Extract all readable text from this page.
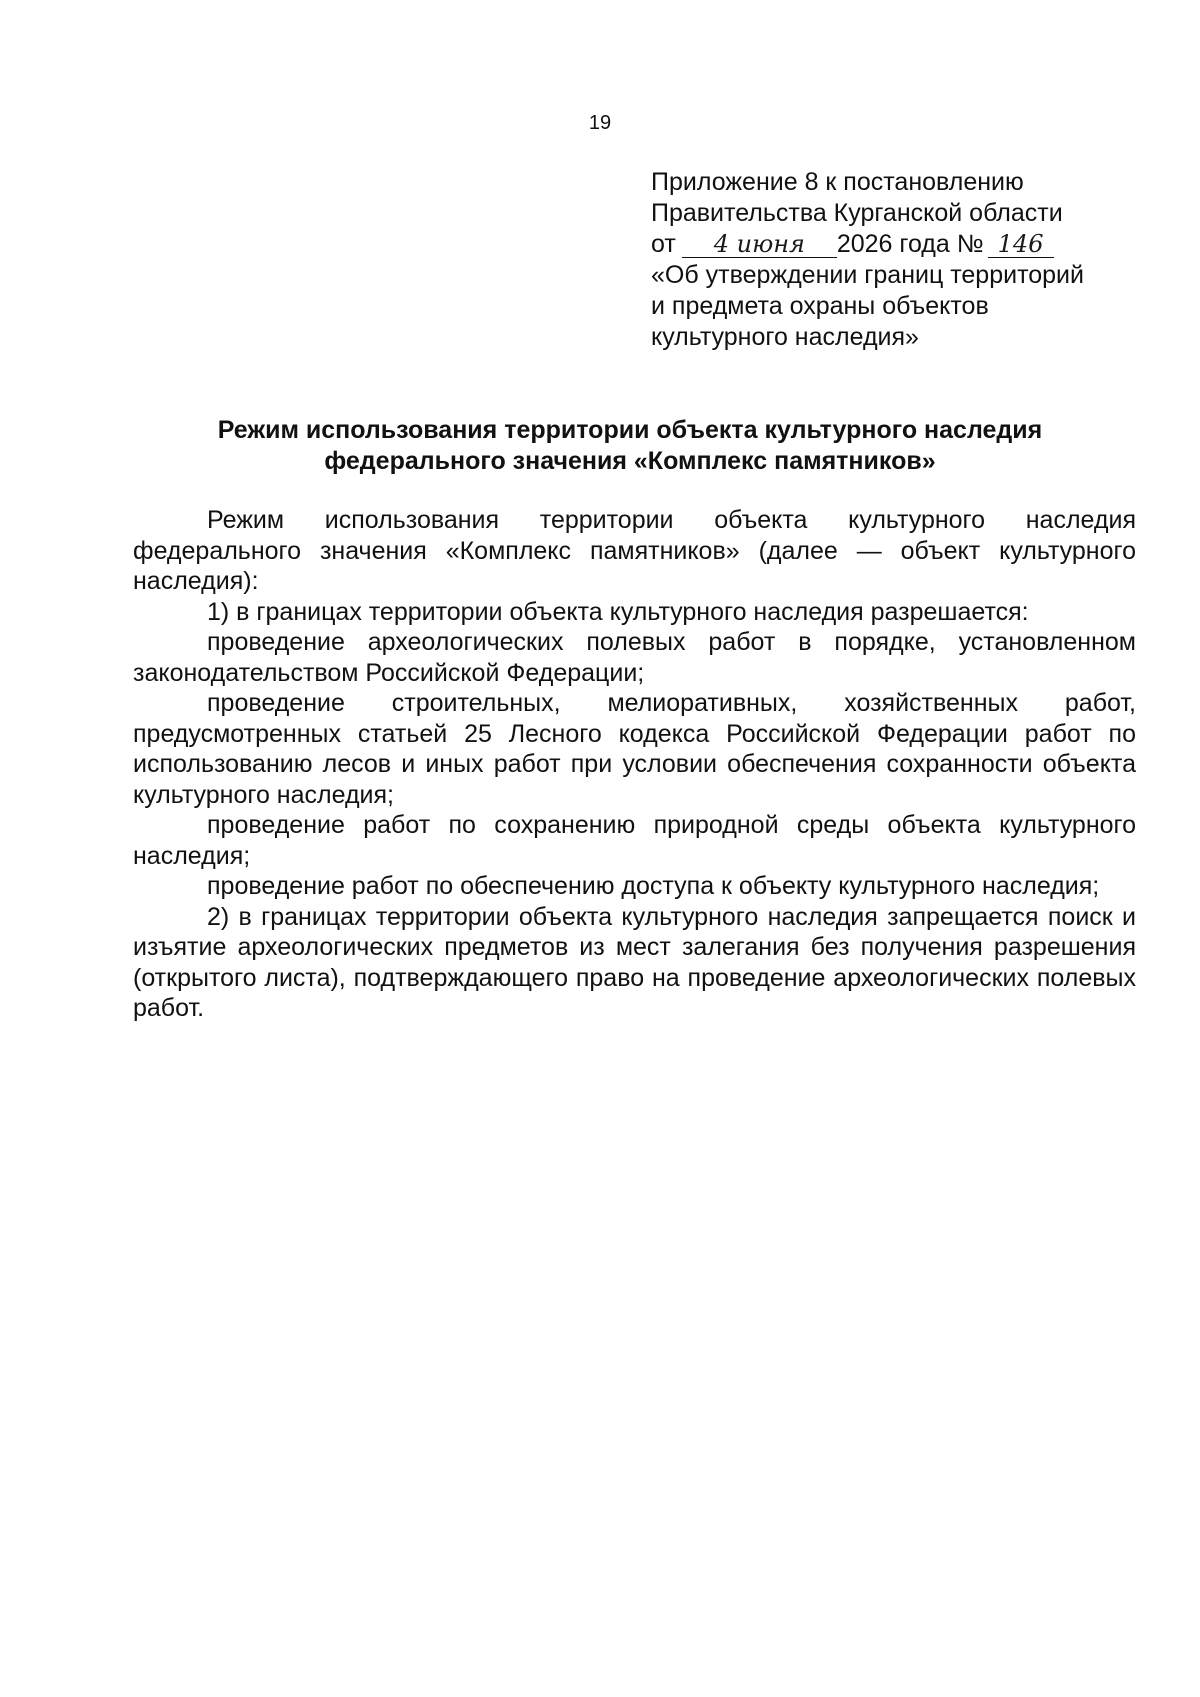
19
Приложение 8 к постановлению
Правительства Курганской области
от 4 июня 2026 года № 146
«Об утверждении границ территорий
и предмета охраны объектов
культурного наследия»
Режим использования территории объекта культурного наследия
федерального значения «Комплекс памятников»

Режим использования территории объекта культурного наследия федерального значения «Комплекс памятников» (далее — объект культурного наследия):

1) в границах территории объекта культурного наследия разрешается:

проведение археологических полевых работ в порядке, установленном законодательством Российской Федерации;

проведение строительных, мелиоративных, хозяйственных работ, предусмотренных статьей 25 Лесного кодекса Российской Федерации работ по использованию лесов и иных работ при условии обеспечения сохранности объекта культурного наследия;

проведение работ по сохранению природной среды объекта культурного наследия;

проведение работ по обеспечению доступа к объекту культурного наследия;

2) в границах территории объекта культурного наследия запрещается поиск и изъятие археологических предметов из мест залегания без получения разрешения (открытого листа), подтверждающего право на проведение археологических полевых работ.
